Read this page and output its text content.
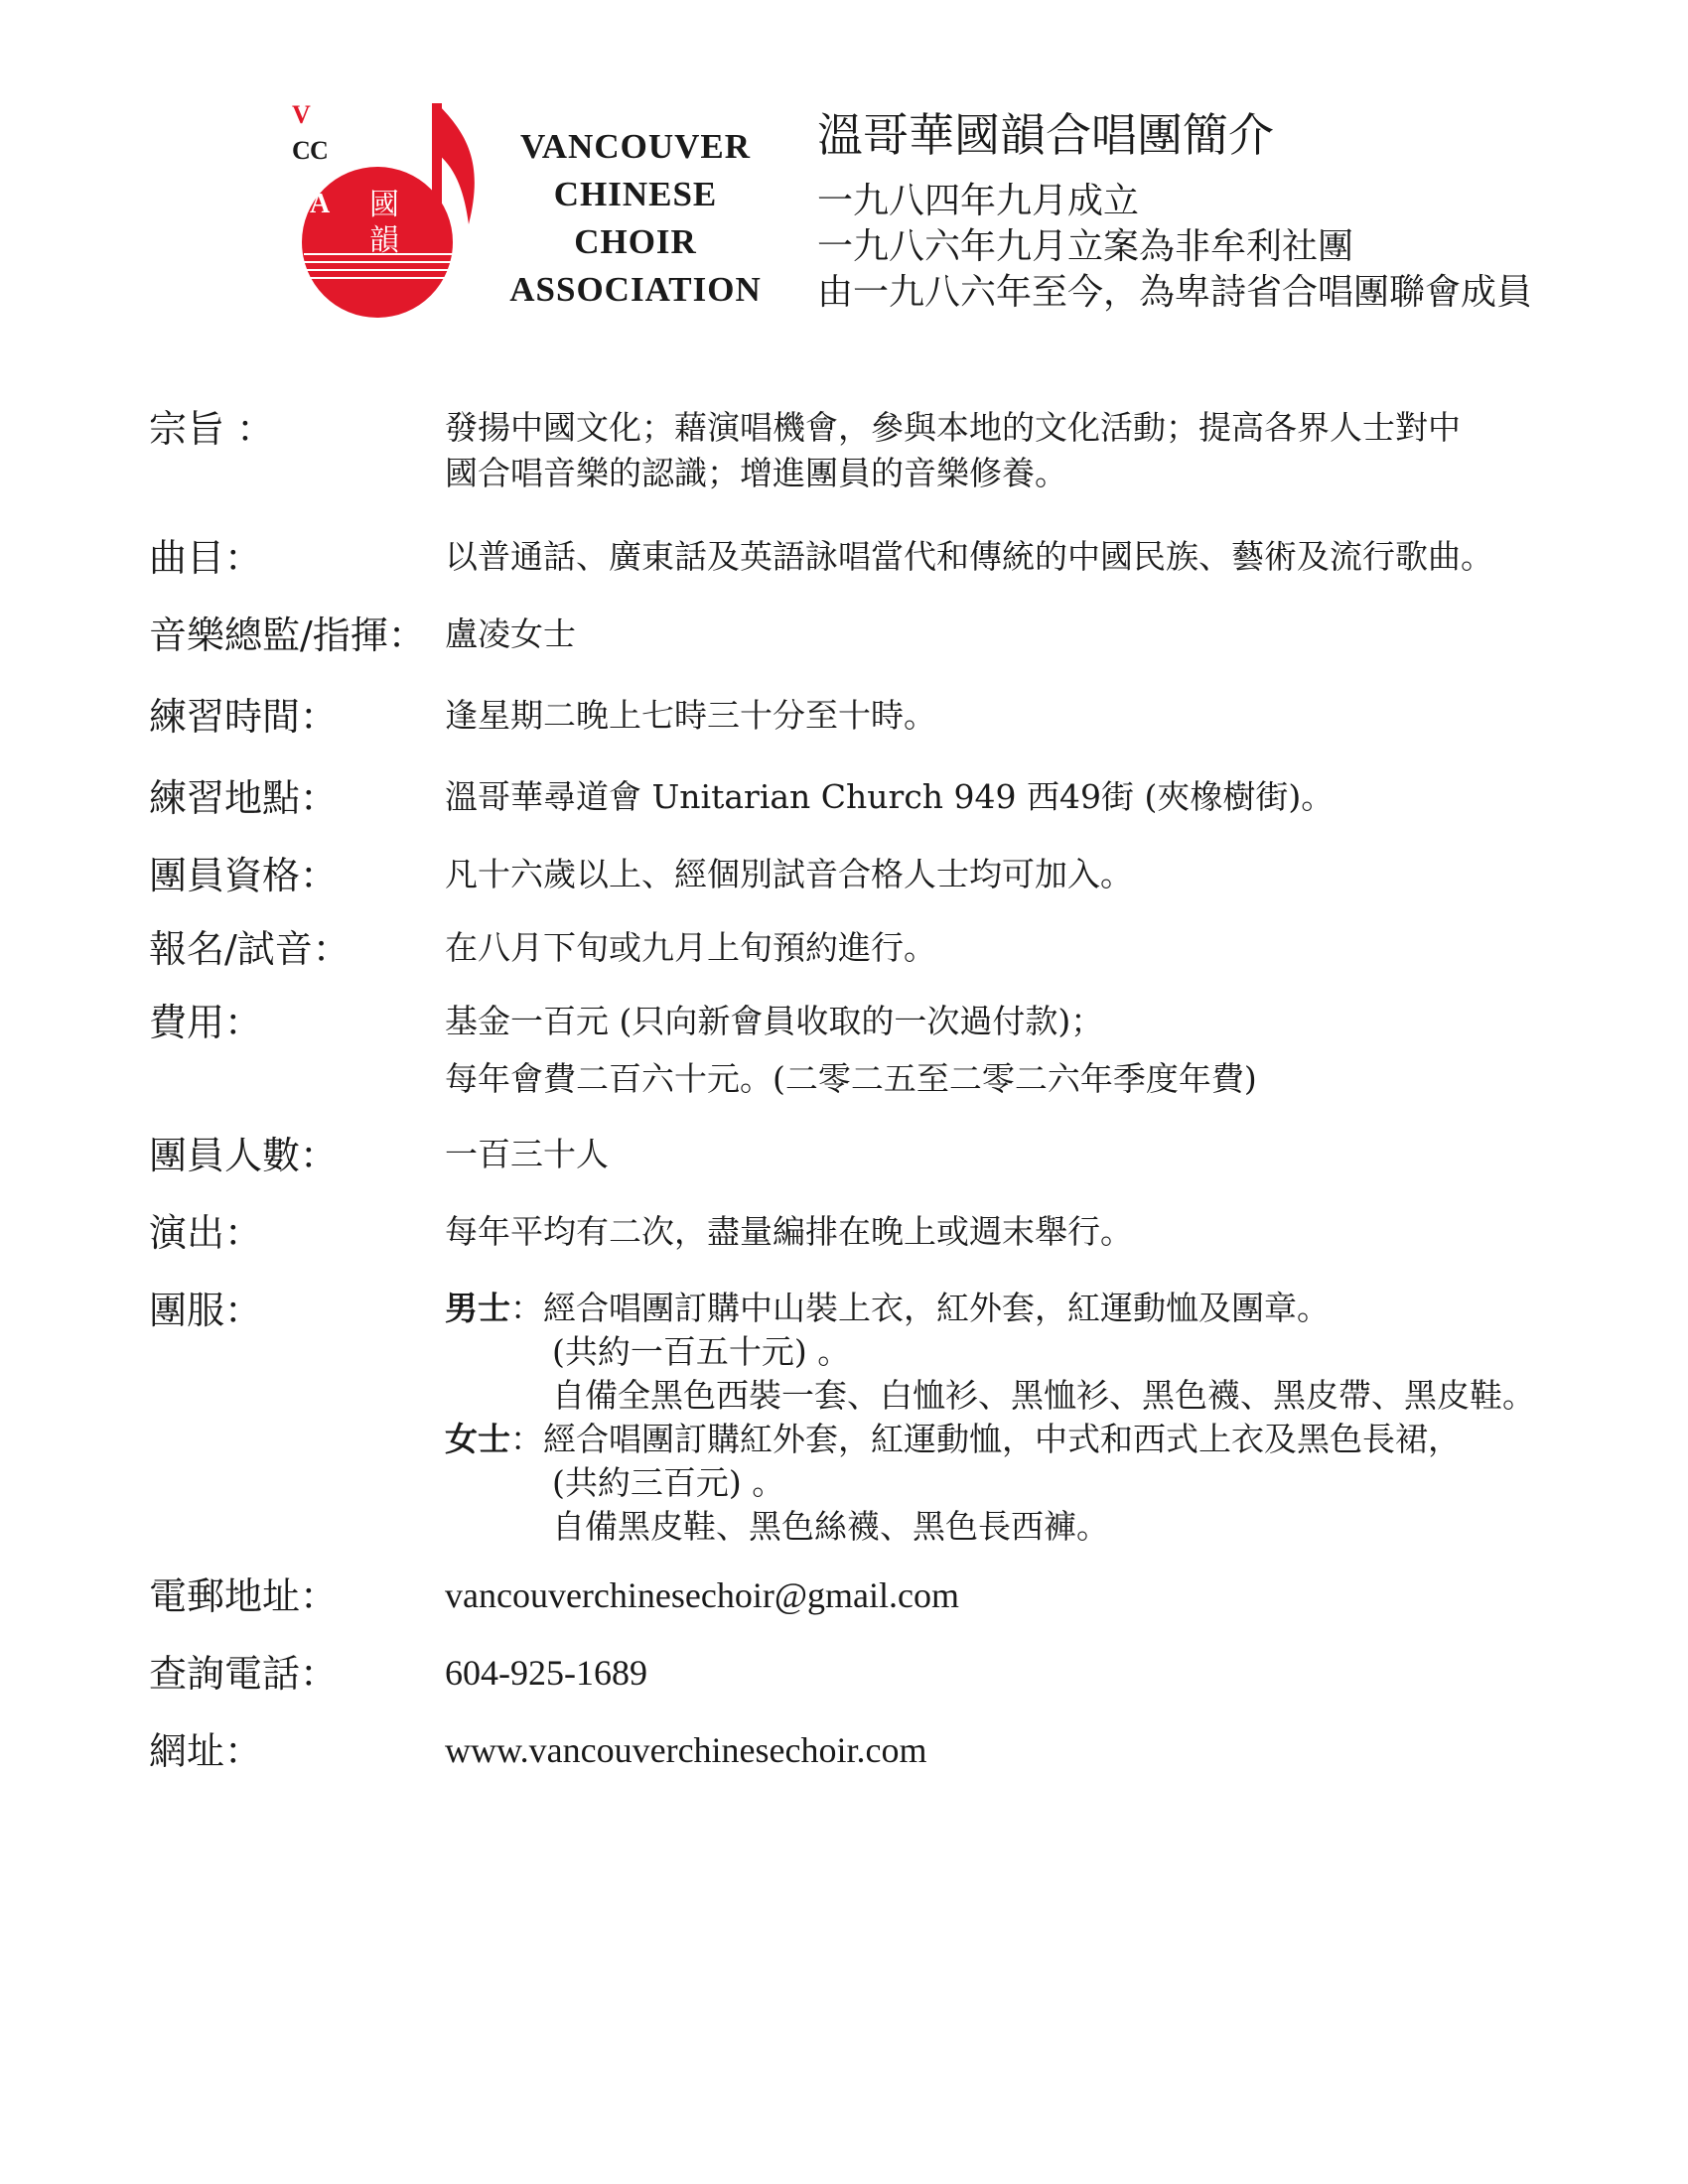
V
C C
A 國
韻
VANCOUVER
CHINESE
CHOIR
ASSOCIATION
溫哥華國韻合唱團簡介
一九八四年九月成立
一九八六年九月立案為非牟利社團
由一九八六年至今，為卑詩省合唱團聯會成員
宗旨 ：	發揚中國文化；藉演唱機會，參與本地的文化活動；提高各界人士對中
國合唱音樂的認識；增進團員的音樂修養。
曲目：	以普通話、廣東話及英語詠唱當代和傳統的中國民族、藝術及流行歌曲。
音樂總監/指揮： 盧凌女士
練習時間：	逢星期二晚上七時三十分至十時。
練習地點：	溫哥華尋道會 Unitarian Church 949 西49街 (夾橡樹街)。
團員資格：	凡十六歲以上、經個別試音合格人士均可加入。
報名/試音：	在八月下旬或九月上旬預約進行。
費用：	基金一百元 (只向新會員收取的一次過付款)；
每年會費二百六十元。(二零二五至二零二六年季度年費)
團員人數：	一百三十人
演出：	每年平均有二次，盡量編排在晚上或週末舉行。
團服：	男士：經合唱團訂購中山裝上衣，紅外套，紅運動恤及團章。
(共約一百五十元) 。
自備全黑色西裝一套、白恤衫、黑恤衫、黑色襪、黑皮帶、黑皮鞋。
女士：經合唱團訂購紅外套，紅運動恤，中式和西式上衣及黑色長裙，
(共約三百元) 。
自備黑皮鞋、黑色絲襪、黑色長西褲。
電郵地址：	vancouverchinesechoir@gmail.com
查詢電話：	604-925-1689
網址：	www.vancouverchinesechoir.com
